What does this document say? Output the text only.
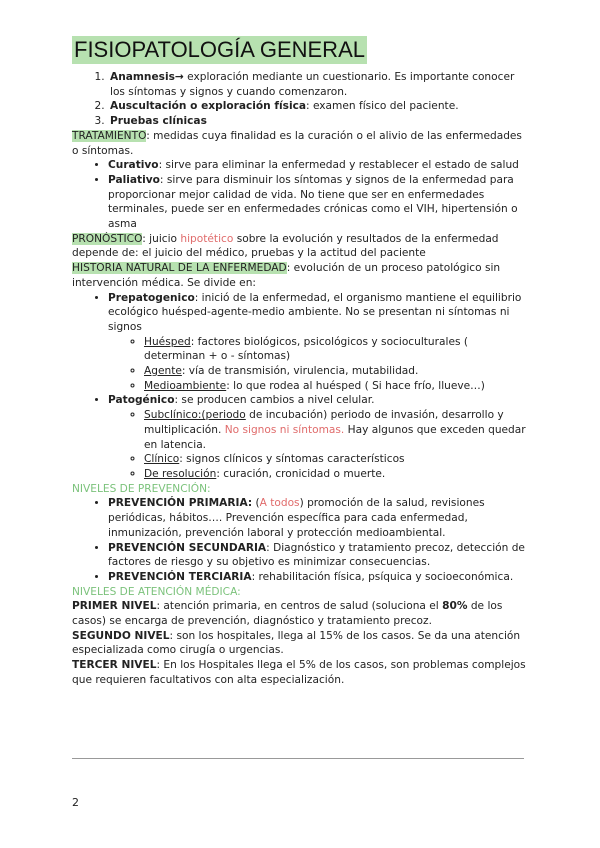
FISIOPATOLOGÍA GENERAL
1. Anamnesis→ exploración mediante un cuestionario. Es importante conocer los síntomas y signos y cuando comenzaron.
2. Auscultación o exploración física: examen físico del paciente.
3. Pruebas clínicas

TRATAMIENTO: medidas cuya finalidad es la curación o el alivio de las enfermedades o síntomas.

• Curativo: sirve para eliminar la enfermedad y restablecer el estado de salud
• Paliativo: sirve para disminuir los síntomas y signos de la enfermedad para proporcionar mejor calidad de vida. No tiene que ser en enfermedades terminales, puede ser en enfermedades crónicas como el VIH, hipertensión o asma

PRONÓSTICO: juicio hipotético sobre la evolución y resultados de la enfermedad depende de: el juicio del médico, pruebas y la actitud del paciente

HISTORIA NATURAL DE LA ENFERMEDAD: evolución de un proceso patológico sin intervención médica. Se divide en:

• Prepatogenico: inició de la enfermedad, el organismo mantiene el equilibrio ecológico huésped-agente-medio ambiente. No se presentan ni síntomas ni signos
◦ Huésped: factores biológicos, psicológicos y socioculturales ( determinan + o - síntomas)
◦ Agente: vía de transmisión, virulencia, mutabilidad.
◦ Medioambiente: lo que rodea al huésped ( Si hace frío, llueve…)
• Patogénico: se producen cambios a nivel celular.
◦ Subclínico:(periodo de incubación) periodo de invasión, desarrollo y multiplicación. No signos ni síntomas. Hay algunos que exceden quedar en latencia.
◦ Clínico: signos clínicos y síntomas característicos
◦ De resolución: curación, cronicidad o muerte.

NIVELES DE PREVENCIÓN:

• PREVENCIÓN PRIMARIA: (A todos) promoción de la salud, revisiones periódicas, hábitos…. Prevención específica para cada enfermedad, inmunización, prevención laboral y protección medioambiental.
• PREVENCIÓN SECUNDARIA: Diagnóstico y tratamiento precoz, detección de factores de riesgo y su objetivo es minimizar consecuencias.
• PREVENCIÓN TERCIARIA: rehabilitación física, psíquica y socioeconómica.

NIVELES DE ATENCIÓN MÉDICA:

PRIMER NIVEL: atención primaria, en centros de salud (soluciona el 80% de los casos) se encarga de prevención, diagnóstico y tratamiento precoz.

SEGUNDO NIVEL: son los hospitales, llega al 15% de los casos. Se da una atención especializada como cirugía o urgencias.

TERCER NIVEL: En los Hospitales llega el 5% de los casos, son problemas complejos que requieren facultativos con alta especialización.

2
